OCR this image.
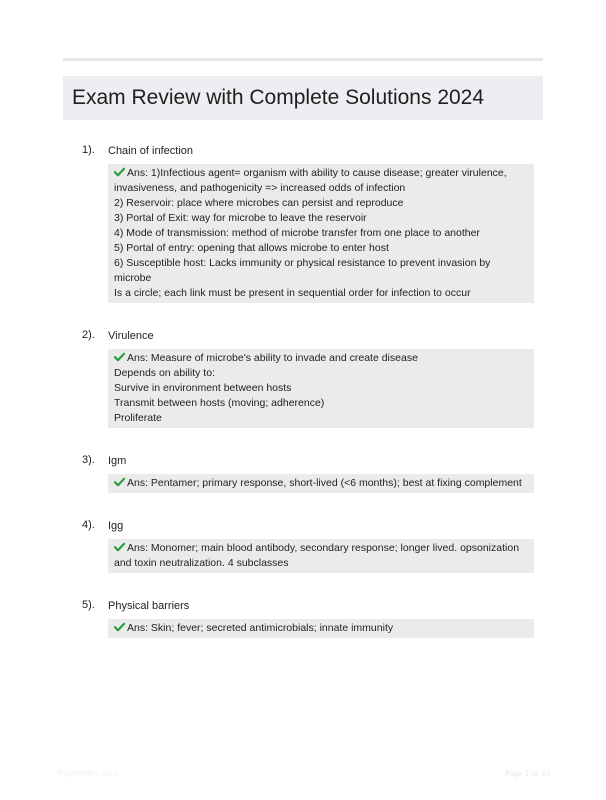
Exam Review with Complete Solutions 2024
1).	Chain of infection
Ans: 1)Infectious agent= organism with ability to cause disease; greater virulence,
invasiveness, and pathogenicity => increased odds of infection
2) Reservoir: place where microbes can persist and reproduce
3) Portal of Exit: way for microbe to leave the reservoir
4) Mode of transmission: method of microbe transfer from one place to another
5) Portal of entry: opening that allows microbe to enter host
6) Susceptible host: Lacks immunity or physical resistance to prevent invasion by
microbe
Is a circle; each link must be present in sequential order for infection to occur
2).	Virulence
Ans: Measure of microbe's ability to invade and create disease
Depends on ability to:
Survive in environment between hosts
Transmit between hosts (moving; adherence)
Proliferate
3).	Igm
Ans: Pentamer; primary response, short-lived (<6 months); best at fixing complement
4).	Igg
Ans: Monomer; main blood antibody, secondary response; longer lived. opsonization
and toxin neutralization. 4 subclasses
5).	Physical barriers
Ans: Skin; fever; secreted antimicrobials; innate immunity
PaperMtic.com	Page 1 of 45
